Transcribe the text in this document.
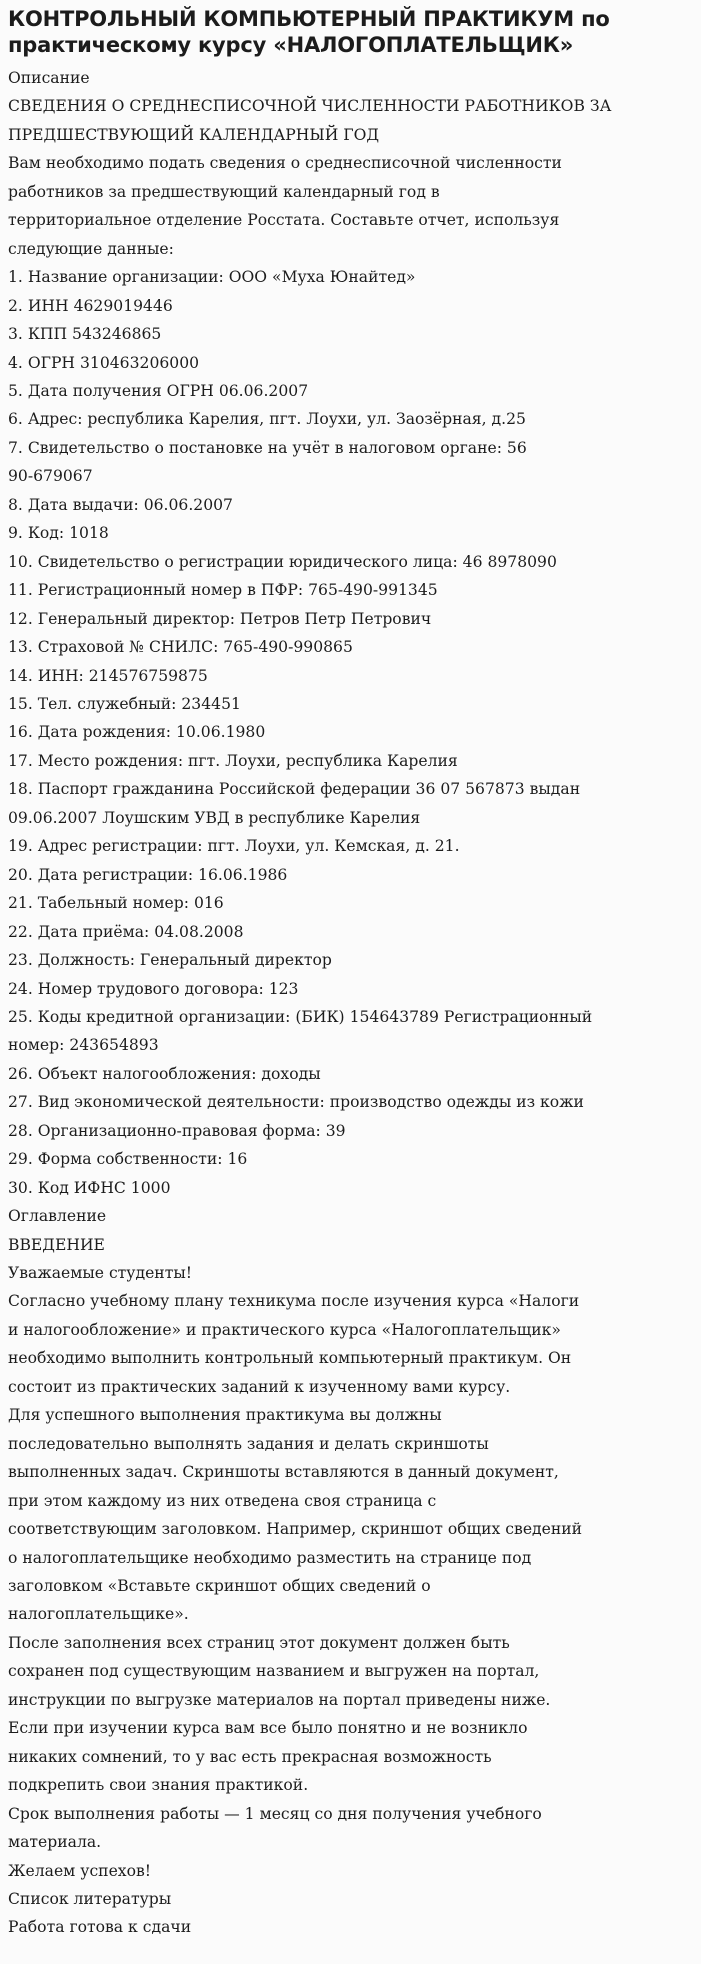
КОНТРОЛЬНЫЙ КОМПЬЮТЕРНЫЙ ПРАКТИКУМ по практическому курсу «НАЛОГОПЛАТЕЛЬЩИК»

Описание

СВЕДЕНИЯ О СРЕДНЕСПИСОЧНОЙ ЧИСЛЕННОСТИ РАБОТНИКОВ ЗА

ПРЕДШЕСТВУЮЩИЙ КАЛЕНДАРНЫЙ ГОД

Вам необходимо подать сведения о среднесписочной численности

работников за предшествующий календарный год в

территориальное отделение Росстата. Составьте отчет, используя

следующие данные:

1. Название организации: ООО «Муха Юнайтед»

2. ИНН 4629019446

3. КПП 543246865

4. ОГРН 310463206000

5. Дата получения ОГРН 06.06.2007

6. Адрес: республика Карелия, пгт. Лоухи, ул. Заозёрная, д.25

7. Свидетельство о постановке на учёт в налоговом органе: 56

90-679067

8. Дата выдачи: 06.06.2007

9. Код: 1018

10. Свидетельство о регистрации юридического лица: 46 8978090

11. Регистрационный номер в ПФР: 765-490-991345

12. Генеральный директор: Петров Петр Петрович

13. Страховой № СНИЛС: 765-490-990865

14. ИНН: 214576759875

15. Тел. служебный: 234451

16. Дата рождения: 10.06.1980

17. Место рождения: пгт. Лоухи, республика Карелия

18. Паспорт гражданина Российской федерации 36 07 567873 выдан

09.06.2007 Лоушским УВД в республике Карелия

19. Адрес регистрации: пгт. Лоухи, ул. Кемская, д. 21.

20. Дата регистрации: 16.06.1986

21. Табельный номер: 016

22. Дата приёма: 04.08.2008

23. Должность: Генеральный директор

24. Номер трудового договора: 123

25. Коды кредитной организации: (БИК) 154643789 Регистрационный

номер: 243654893

26. Объект налогообложения: доходы

27. Вид экономической деятельности: производство одежды из кожи

28. Организационно-правовая форма: 39

29. Форма собственности: 16

30. Код ИФНС 1000

Оглавление

ВВЕДЕНИЕ

Уважаемые студенты!

Согласно учебному плану техникума после изучения курса «Налоги

и налогообложение» и практического курса «Налогоплательщик»

необходимо выполнить контрольный компьютерный практикум. Он

состоит из практических заданий к изученному вами курсу.

Для успешного выполнения практикума вы должны

последовательно выполнять задания и делать скриншоты

выполненных задач. Скриншоты вставляются в данный документ,

при этом каждому из них отведена своя страница с

соответствующим заголовком. Например, скриншот общих сведений

о налогоплательщике необходимо разместить на странице под

заголовком «Вставьте скриншот общих сведений о

налогоплательщике».

После заполнения всех страниц этот документ должен быть

сохранен под существующим названием и выгружен на портал,

инструкции по выгрузке материалов на портал приведены ниже.

Если при изучении курса вам все было понятно и не возникло

никаких сомнений, то у вас есть прекрасная возможность

подкрепить свои знания практикой.

Срок выполнения работы — 1 месяц со дня получения учебного

материала.

Желаем успехов!

Список литературы

Работа готова к сдачи
